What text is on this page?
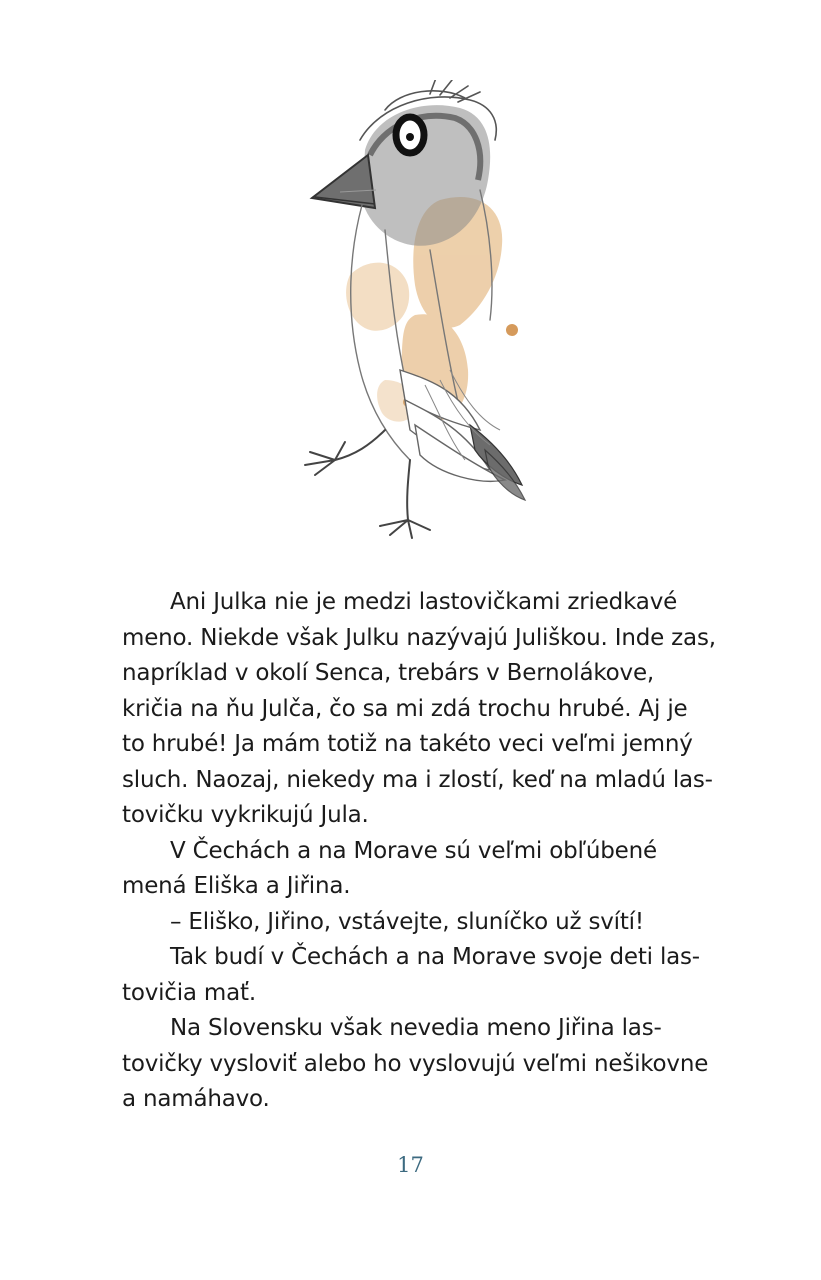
Ani Julka nie je medzi lastovičkami zriedkavé
meno. Niekde však Julku nazývajú Juliškou. Inde zas,
napríklad v okolí Senca, trebárs v Bernolákove,
kričia na ňu Julča, čo sa mi zdá trochu hrubé. Aj je
to hrubé! Ja mám totiž na takéto veci veľmi jemný
sluch. Naozaj, niekedy ma i zlostí, keď na mladú las-
tovičku vykrikujú Jula.
V Čechách a na Morave sú veľmi obľúbené
mená Eliška a Jiřina.
– Eliško, Jiřino, vstávejte, sluníčko už svítí!
Tak budí v Čechách a na Morave svoje deti las-
tovičia mať.
Na Slovensku však nevedia meno Jiřina las-
tovičky vysloviť alebo ho vyslovujú veľmi nešikovne
a namáhavo.
17
